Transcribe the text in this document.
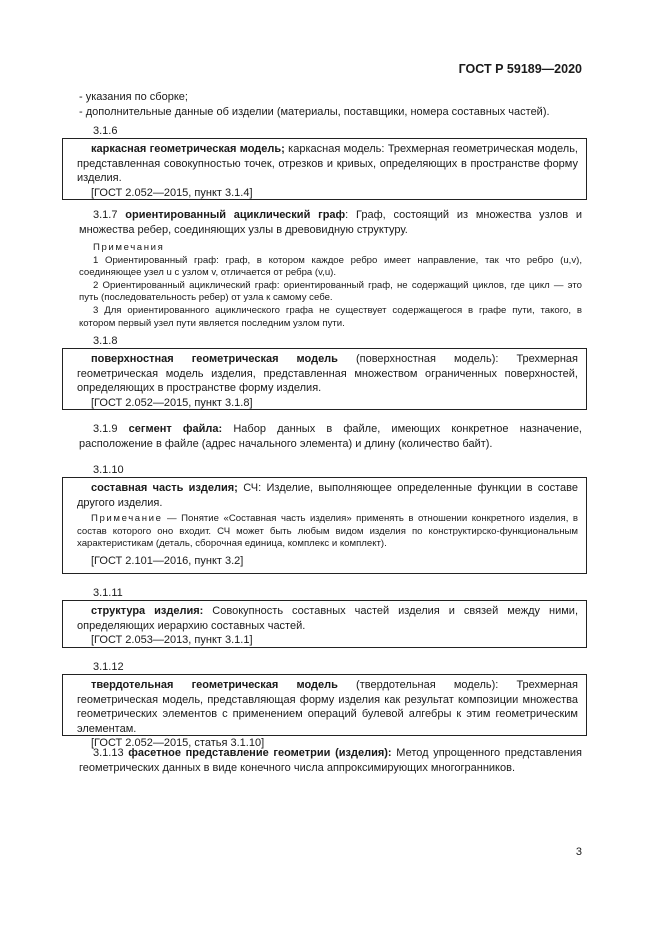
ГОСТ Р 59189—2020
- указания по сборке;
- дополнительные данные об изделии (материалы, поставщики, номера составных частей).
3.1.6
каркасная геометрическая модель; каркасная модель: Трехмерная геометрическая модель, представленная совокупностью точек, отрезков и кривых, определяющих в пространстве форму изделия.
[ГОСТ 2.052—2015, пункт 3.1.4]
3.1.7 ориентированный ациклический граф: Граф, состоящий из множества узлов и множества ребер, соединяющих узлы в древовидную структуру.
Примечания
1 Ориентированный граф: граф, в котором каждое ребро имеет направление, так что ребро (u,v), соединяющее узел u с узлом v, отличается от ребра (v,u).
2 Ориентированный ациклический граф: ориентированный граф, не содержащий циклов, где цикл — это путь (последовательность ребер) от узла к самому себе.
3 Для ориентированного ациклического графа не существует содержащегося в графе пути, такого, в котором первый узел пути является последним узлом пути.
3.1.8
поверхностная геометрическая модель (поверхностная модель): Трехмерная геометрическая модель изделия, представленная множеством ограниченных поверхностей, определяющих в пространстве форму изделия.
[ГОСТ 2.052—2015, пункт 3.1.8]
3.1.9 сегмент файла: Набор данных в файле, имеющих конкретное назначение, расположение в файле (адрес начального элемента) и длину (количество байт).
3.1.10
составная часть изделия; СЧ: Изделие, выполняющее определенные функции в составе другого изделия.
Примечание — Понятие «Составная часть изделия» применять в отношении конкретного изделия, в состав которого оно входит. СЧ может быть любым видом изделия по конструктирско-функциональным характеристикам (деталь, сборочная единица, комплекс и комплект).
[ГОСТ 2.101—2016, пункт 3.2]
3.1.11
структура изделия: Совокупность составных частей изделия и связей между ними, определяющих иерархию составных частей.
[ГОСТ 2.053—2013, пункт 3.1.1]
3.1.12
твердотельная геометрическая модель (твердотельная модель): Трехмерная геометрическая модель, представляющая форму изделия как результат композиции множества геометрических элементов с применением операций булевой алгебры к этим геометрическим элементам.
[ГОСТ 2.052—2015, статья 3.1.10]
3.1.13 фасетное представление геометрии (изделия): Метод упрощенного представления геометрических данных в виде конечного числа аппроксимирующих многогранников.
3
